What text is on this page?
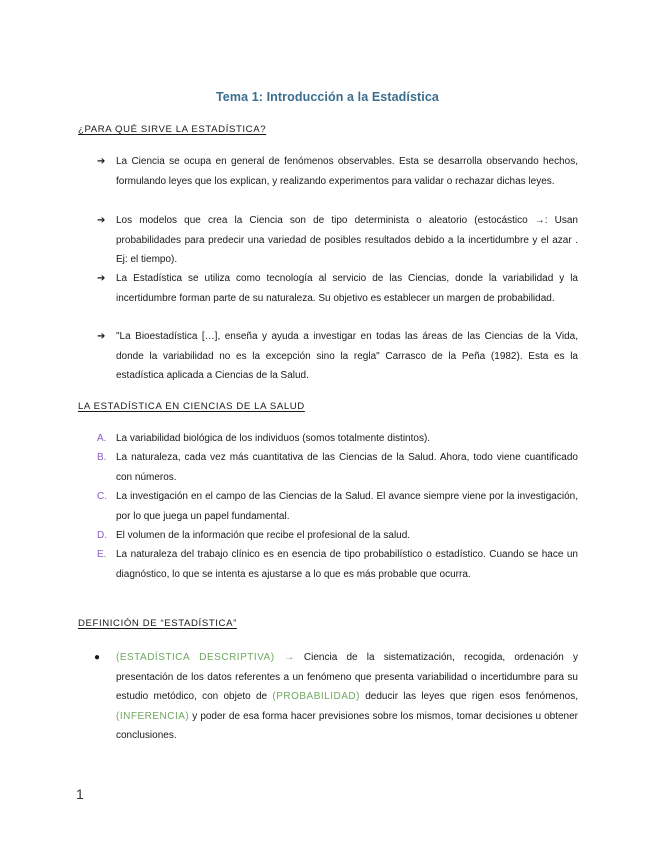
Tema 1: Introducción a la Estadística
¿PARA QUÉ SIRVE LA ESTADÍSTICA?
➔ La Ciencia se ocupa en general de fenómenos observables. Esta se desarrolla observando hechos, formulando leyes que los explican, y realizando experimentos para validar o rechazar dichas leyes.
➔ Los modelos que crea la Ciencia son de tipo determinista o aleatorio (estocástico →: Usan probabilidades para predecir una variedad de posibles resultados debido a la incertidumbre y el azar . Ej: el tiempo).
➔ La Estadística se utiliza como tecnología al servicio de las Ciencias, donde la variabilidad y la incertidumbre forman parte de su naturaleza. Su objetivo es establecer un margen de probabilidad.
➔ "La Bioestadística […], enseña y ayuda a investigar en todas las áreas de las Ciencias de la Vida, donde la variabilidad no es la excepción sino la regla" Carrasco de la Peña (1982). Esta es la estadística aplicada a Ciencias de la Salud.
LA ESTADÍSTICA EN CIENCIAS DE LA SALUD
A. La variabilidad biológica de los individuos (somos totalmente distintos).
B. La naturaleza, cada vez más cuantitativa de las Ciencias de la Salud. Ahora, todo viene cuantificado con números.
C. La investigación en el campo de las Ciencias de la Salud. El avance siempre viene por la investigación, por lo que juega un papel fundamental.
D. El volumen de la información que recibe el profesional de la salud.
E. La naturaleza del trabajo clínico es en esencia de tipo probabilístico o estadístico. Cuando se hace un diagnóstico, lo que se intenta es ajustarse a lo que es más probable que ocurra.
DEFINICIÓN DE “ESTADÍSTICA”
● (ESTADÍSTICA DESCRIPTIVA) → Ciencia de la sistematización, recogida, ordenación y presentación de los datos referentes a un fenómeno que presenta variabilidad o incertidumbre para su estudio metódico, con objeto de (PROBABILIDAD) deducir las leyes que rigen esos fenómenos, (INFERENCIA) y poder de esa forma hacer previsiones sobre los mismos, tomar decisiones u obtener conclusiones.
1
